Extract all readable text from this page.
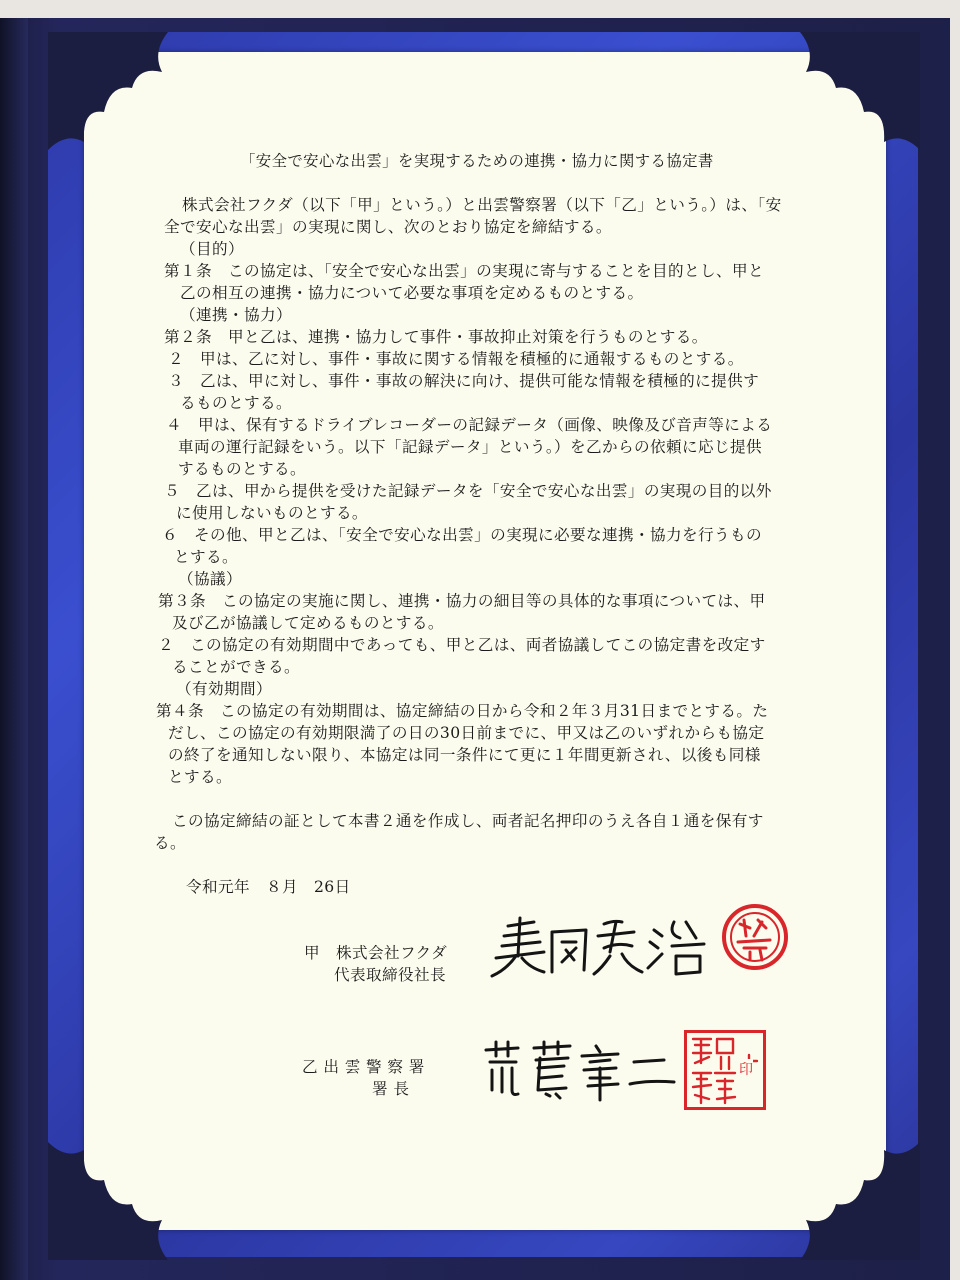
「安全で安心な出雲」を実現するための連携・協力に関する協定書
株式会社フクダ（以下「甲」という。）と出雲警察署（以下「乙」という。）は、「安
全で安心な出雲」の実現に関し、次のとおり協定を締結する。
（目的）
第１条　この協定は、「安全で安心な出雲」の実現に寄与することを目的とし、甲と
乙の相互の連携・協力について必要な事項を定めるものとする。
（連携・協力）
第２条　甲と乙は、連携・協力して事件・事故抑止対策を行うものとする。
２　甲は、乙に対し、事件・事故に関する情報を積極的に通報するものとする。
３　乙は、甲に対し、事件・事故の解決に向け、提供可能な情報を積極的に提供す
るものとする。
４　甲は、保有するドライブレコーダーの記録データ（画像、映像及び音声等による
車両の運行記録をいう。以下「記録データ」という。）を乙からの依頼に応じ提供
するものとする。
５　乙は、甲から提供を受けた記録データを「安全で安心な出雲」の実現の目的以外
に使用しないものとする。
６　その他、甲と乙は、「安全で安心な出雲」の実現に必要な連携・協力を行うもの
とする。
（協議）
第３条　この協定の実施に関し、連携・協力の細目等の具体的な事項については、甲
及び乙が協議して定めるものとする。
２　この協定の有効期間中であっても、甲と乙は、両者協議してこの協定書を改定す
ることができる。
（有効期間）
第４条　この協定の有効期間は、協定締結の日から令和２年３月31日までとする。た
だし、この協定の有効期限満了の日の30日前までに、甲又は乙のいずれからも協定
の終了を通知しない限り、本協定は同一条件にて更に１年間更新され、以後も同様
とする。
この協定締結の証として本書２通を作成し、両者記名押印のうえ各自１通を保有す
る。
令和元年　８月　26日
甲　株式会社フクダ
代表取締役社長
乙 出 雲 警 察 署
署 長
印
